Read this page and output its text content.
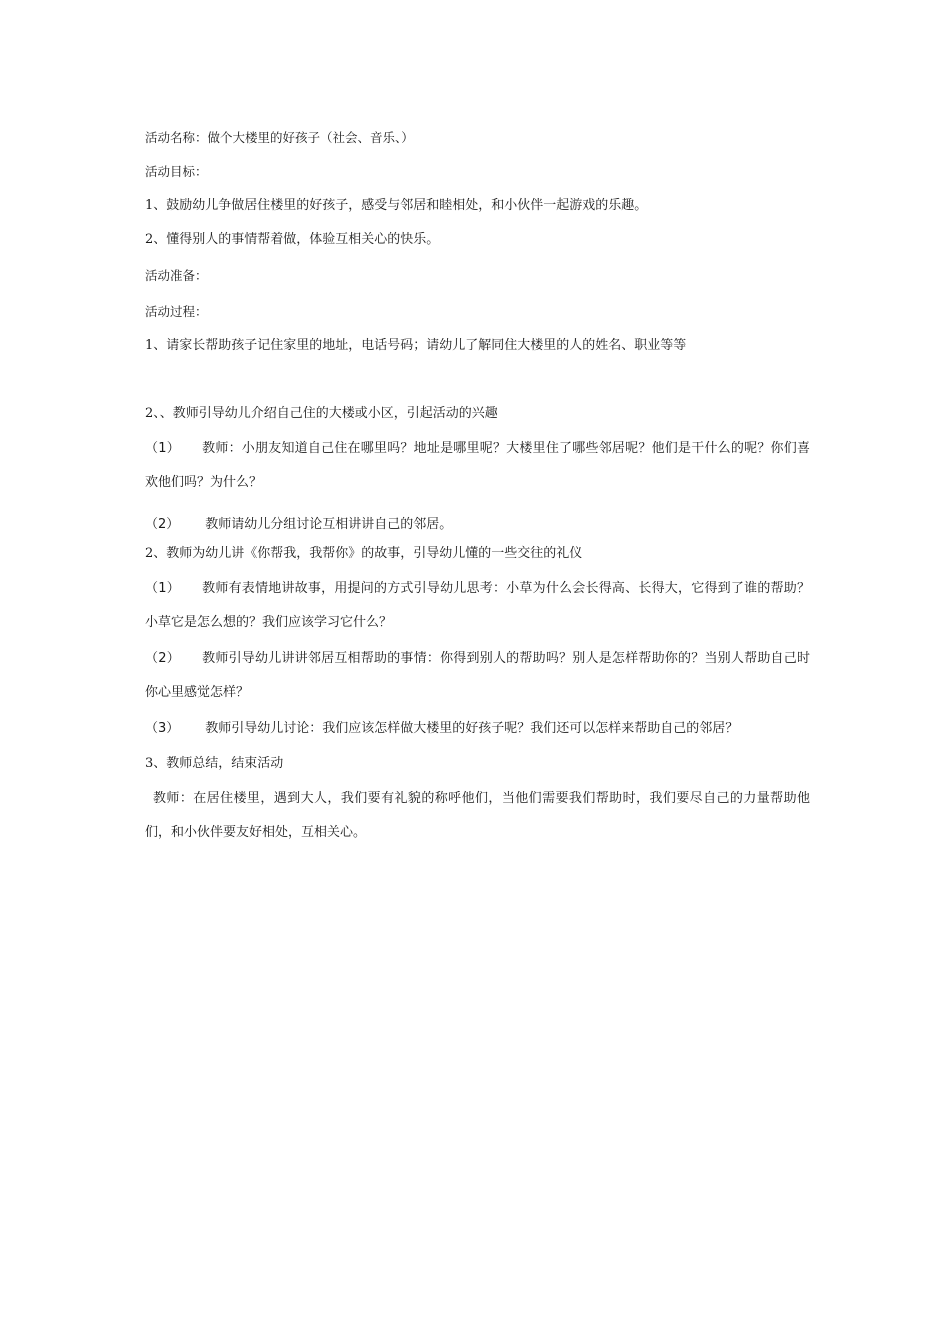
活动名称：做个大楼里的好孩子（社会、音乐、）

活动目标：

1、鼓励幼儿争做居住楼里的好孩子，感受与邻居和睦相处，和小伙伴一起游戏的乐趣。

2、懂得别人的事情帮着做，体验互相关心的快乐。

活动准备：

活动过程：

1、请家长帮助孩子记住家里的地址，电话号码；请幼儿了解同住大楼里的人的姓名、职业等等

2、、教师引导幼儿介绍自己住的大楼或小区，引起活动的兴趣

（1） 教师：小朋友知道自己住在哪里吗？地址是哪里呢？大楼里住了哪些邻居呢？他们是干什么的呢？你们喜欢他们吗？为什么？

（2） 教师请幼儿分组讨论互相讲讲自己的邻居。

2、教师为幼儿讲《你帮我，我帮你》的故事，引导幼儿懂的一些交往的礼仪

（1） 教师有表情地讲故事，用提问的方式引导幼儿思考：小草为什么会长得高、长得大，它得到了谁的帮助？小草它是怎么想的？我们应该学习它什么？

（2） 教师引导幼儿讲讲邻居互相帮助的事情：你得到别人的帮助吗？别人是怎样帮助你的？当别人帮助自己时你心里感觉怎样？

（3） 教师引导幼儿讨论：我们应该怎样做大楼里的好孩子呢？我们还可以怎样来帮助自己的邻居？

3、教师总结，结束活动

教师：在居住楼里，遇到大人，我们要有礼貌的称呼他们，当他们需要我们帮助时，我们要尽自己的力量帮助他们，和小伙伴要友好相处，互相关心。
